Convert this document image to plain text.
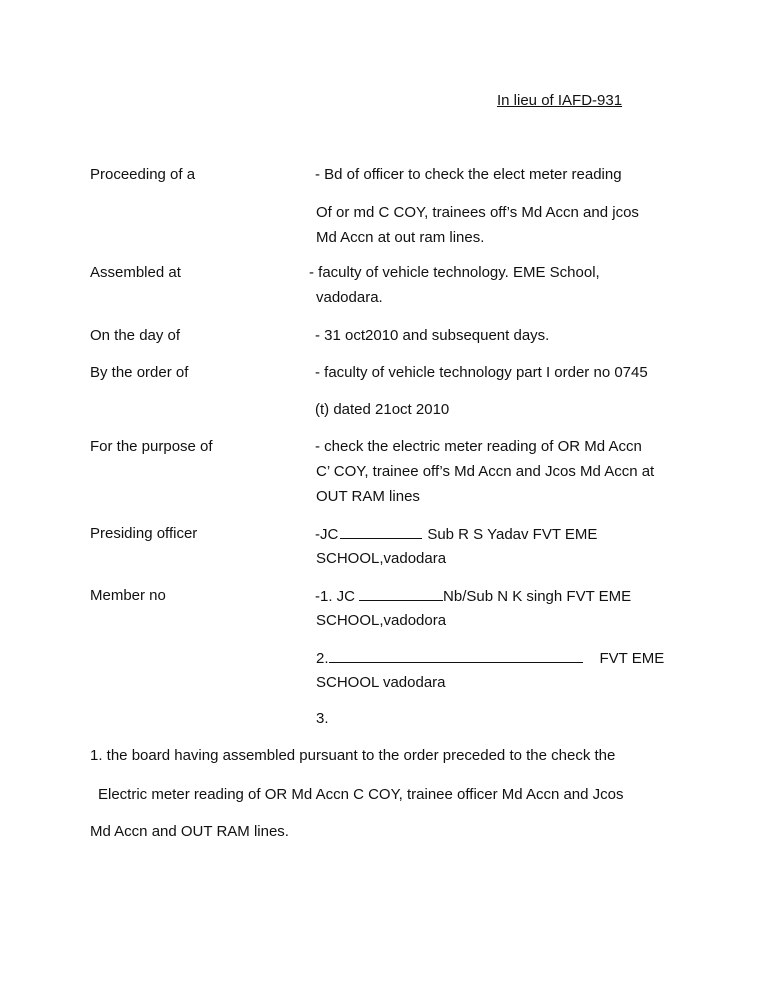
In lieu of IAFD-931
Proceeding of a	- Bd of officer to check the elect meter reading
Of or md C COY, trainees off’s Md Accn and jcos
Md Accn at out ram lines.
Assembled at	- faculty of vehicle technology. EME School,
vadodara.
On the day of	- 31 oct2010 and subsequent days.
By the order of	- faculty of vehicle technology part I order no 0745
(t) dated 21oct 2010
For the purpose of	- check the electric meter reading of OR Md Accn
C’ COY, trainee off’s Md Accn and Jcos Md Accn at
OUT RAM lines
Presiding officer	-JC	Sub R S Yadav FVT EME
SCHOOL,vadodara
Member no	-1. JC	Nb/Sub N K singh FVT EME
SCHOOL,vadodora
2.	FVT EME
SCHOOL vadodara
3.
1. the board having assembled pursuant to the order preceded to the check the
Electric meter reading of OR Md Accn C COY, trainee officer Md Accn and Jcos
Md Accn and OUT RAM lines.
